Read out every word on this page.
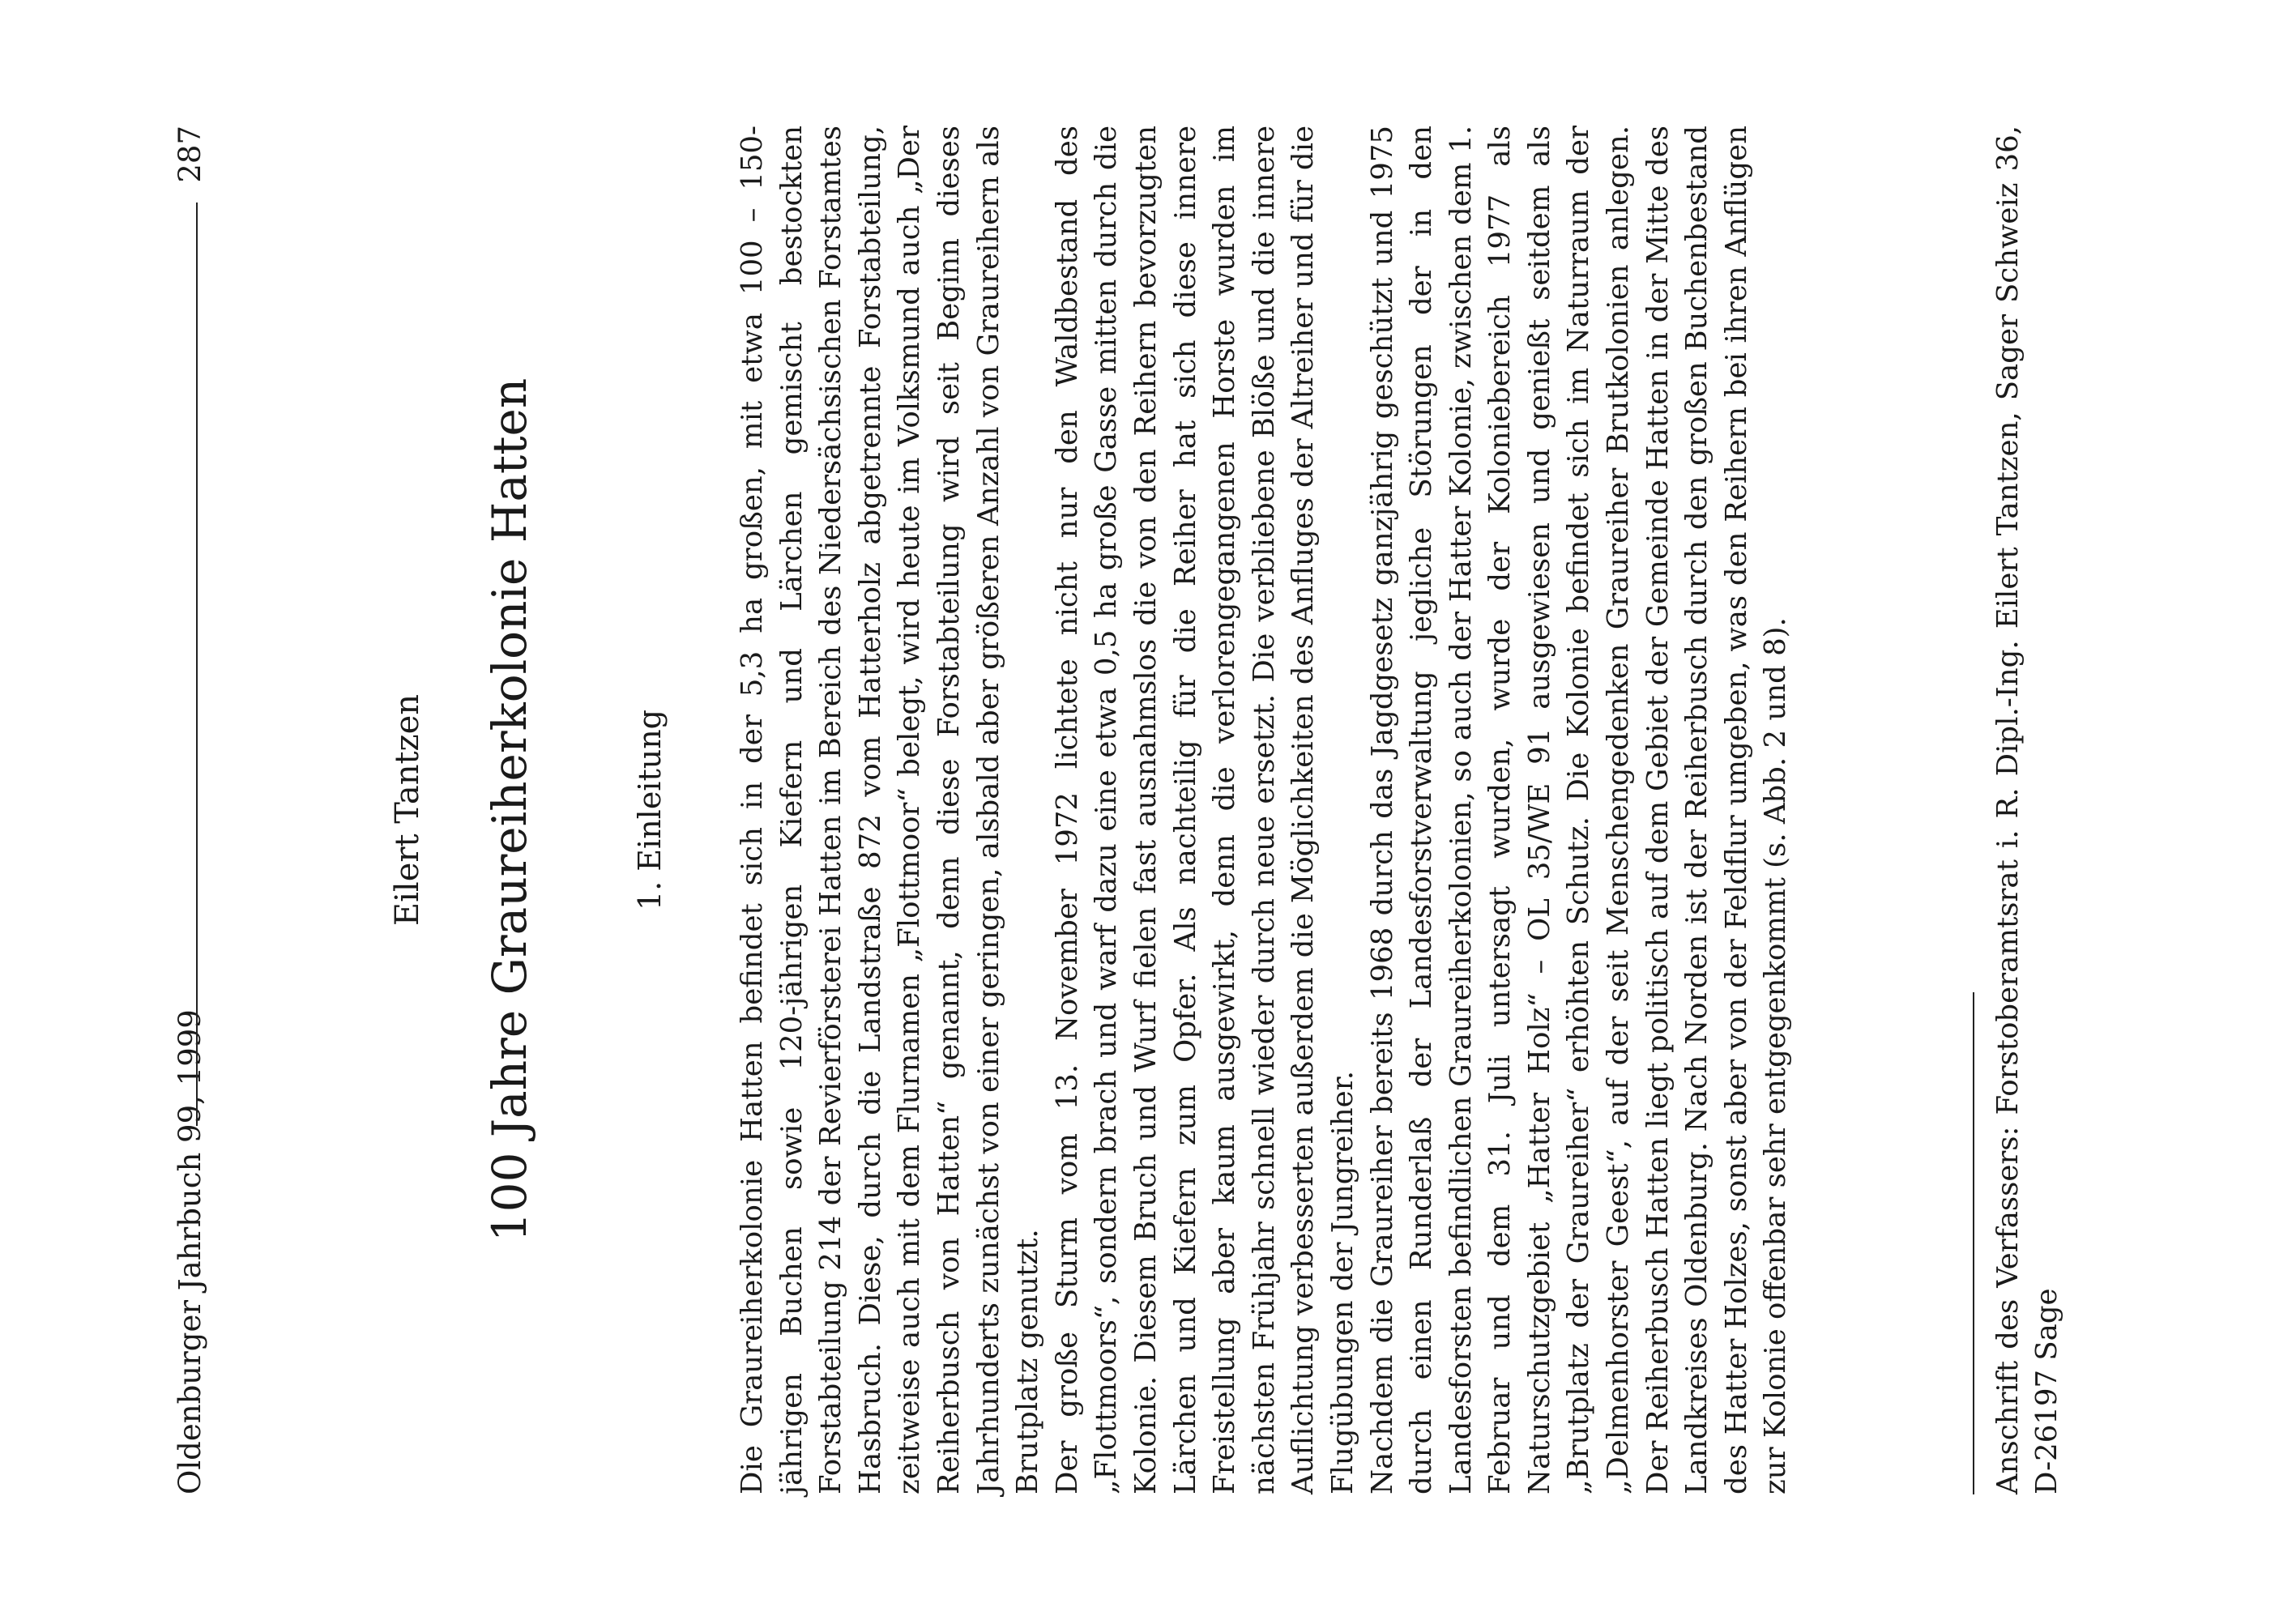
Oldenburger Jahrbuch 99, 1999
287
Eilert Tantzen 100 Jahre Graureiherkolonie Hatten	1. Einleitung Die Graureiherkolonie Hatten befindet sich in der 5,3 ha großen, mit etwa 100 – 150-jährigen Buchen sowie 120-jährigen Kiefern und Lärchen gemischt bestockten Forstabteilung 214 der Revierförsterei Hatten im Bereich des Niedersächsischen Forstamtes Hasbruch. Diese, durch die Landstraße 872 vom Hatterholz abgetrennte Forstabteilung, zeitweise auch mit dem Flurnamen „Flottmoor“ belegt, wird heute im Volksmund auch „Der Reiherbusch von Hatten“ genannt, denn diese Forstabteilung wird seit Beginn dieses Jahrhunderts zunächst von einer geringen, alsbald aber größeren Anzahl von Graureihern als Brutplatz genutzt. Der große Sturm vom 13. November 1972 lichtete nicht nur den Waldbestand des „Flottmoors“, sondern brach und warf dazu eine etwa 0,5 ha große Gasse mitten durch die Kolonie. Diesem Bruch und Wurf fielen fast ausnahmslos die von den Reihern bevorzugten Lärchen und Kiefern zum Opfer. Als nachteilig für die Reiher hat sich diese innere Freistellung aber kaum ausgewirkt, denn die verlorengegangenen Horste wurden im nächsten Frühjahr schnell wieder durch neue ersetzt. Die verbliebene Blöße und die innere Auflichtung verbesserten außerdem die Möglichkeiten des Anfluges der Altreiher und für die Flugübungen der Jungreiher. Nachdem die Graureiher bereits 1968 durch das Jagdgesetz ganzjährig geschützt und 1975 durch einen Runderlaß der Landesforstverwaltung jegliche Störungen der in den Landesforsten befindlichen Graureiherkolonien, so auch der Hatter Kolonie, zwischen dem 1. Februar und dem 31. Juli untersagt wurden, wurde der Koloniebereich 1977 als Naturschutzgebiet „Hatter Holz“ – OL 35/WE 91 ausgewiesen und genießt seitdem als „Brutplatz der Graureiher“ erhöhten Schutz. Die Kolonie befindet sich im Naturraum der „Delmenhorster Geest“, auf der seit Menschengedenken Graureiher Brutkolonien anlegen. Der Reiherbusch Hatten liegt politisch auf dem Gebiet der Gemeinde Hatten in der Mitte des Landkreises Oldenburg. Nach Norden ist der Reiherbusch durch den großen Buchenbestand des Hatter Holzes, sonst aber von der Feldflur umgeben, was den Reihern bei ihren Anflügen zur Kolonie offenbar sehr entgegenkommt (s. Abb. 2 und 8).	Anschrift des Verfassers: Forstoberamtsrat i. R. Dipl.-Ing. Eilert Tantzen, Sager Schweiz 36, D-26197 Sage
